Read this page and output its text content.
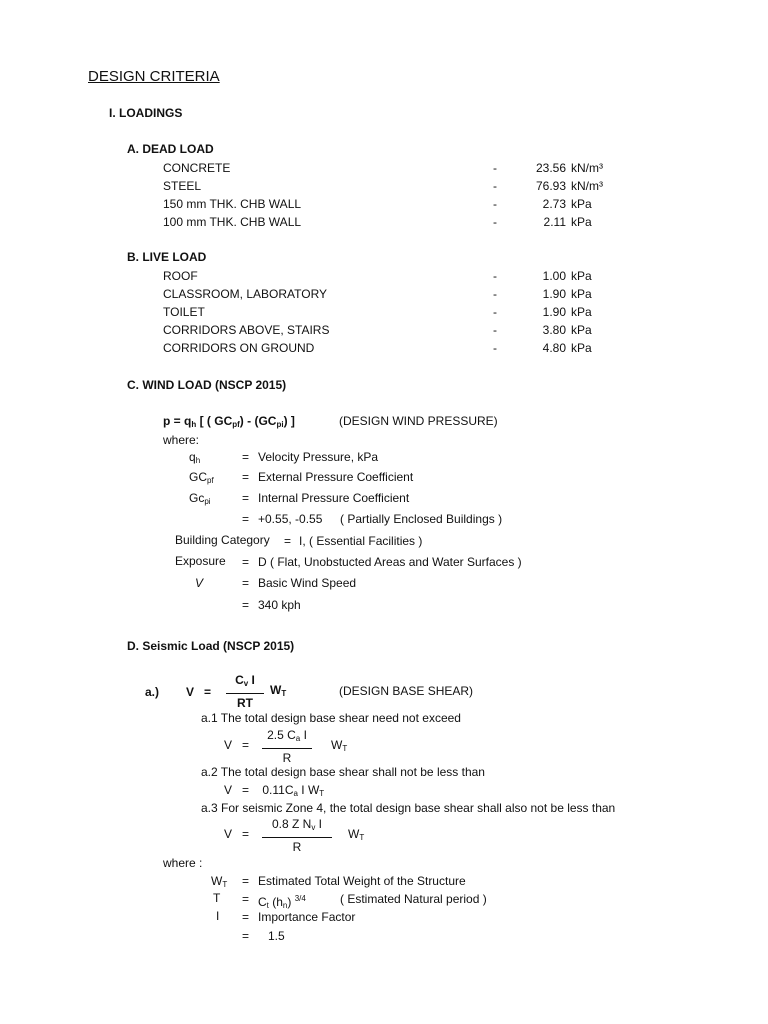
DESIGN CRITERIA
I. LOADINGS
A. DEAD LOAD
CONCRETE	-	23.56 kN/m³
STEEL	-	76.93 kN/m³
150 mm THK. CHB WALL	-	2.73 kPa
100 mm THK. CHB WALL	-	2.11 kPa
B. LIVE LOAD
ROOF	-	1.00 kPa
CLASSROOM, LABORATORY	-	1.90 kPa
TOILET	-	1.90 kPa
CORRIDORS ABOVE, STAIRS	-	3.80 kPa
CORRIDORS ON GROUND	-	4.80 kPa
C. WIND LOAD (NSCP 2015)
$p = q_h$ [ ( $GC_{pf}) - (GC_{pi})$ ]	(DESIGN WIND PRESSURE)
where:
$q_h$	= Velocity Pressure, kPa
$GC_{pf}$ = External Pressure Coefficient
$Gc_{pi}$	= Internal Pressure Coefficient
= +0.55, -0.55 ( Partially Enclosed Buildings )
Building Category = I, ( Essential Facilities )
Exposure = D ( Flat, Unobstucted Areas and Water Surfaces )
V	= Basic Wind Speed
= 340 kph
D. Seismic Load (NSCP 2015)
a.) $V = \frac{C_v I}{RT} W_T$	(DESIGN BASE SHEAR)
a.1 The total design base shear need not exceed
$V = \frac{2.5 C_a I}{R} W_T$
a.2 The total design base shear shall not be less than
V   =    $0.11C_a$ I $W_T$
a.3 For seismic Zone 4, the total design base shear shall also not be less than
$V = \frac{0.8 Z N_v I}{R} W_T$
where :
$W_T$ = Estimated Total Weight of the Structure
$T = C_t$ $(h_n)$ $^{3/4}$	( Estimated Natural period )
I = Importance Factor
= 1.5
